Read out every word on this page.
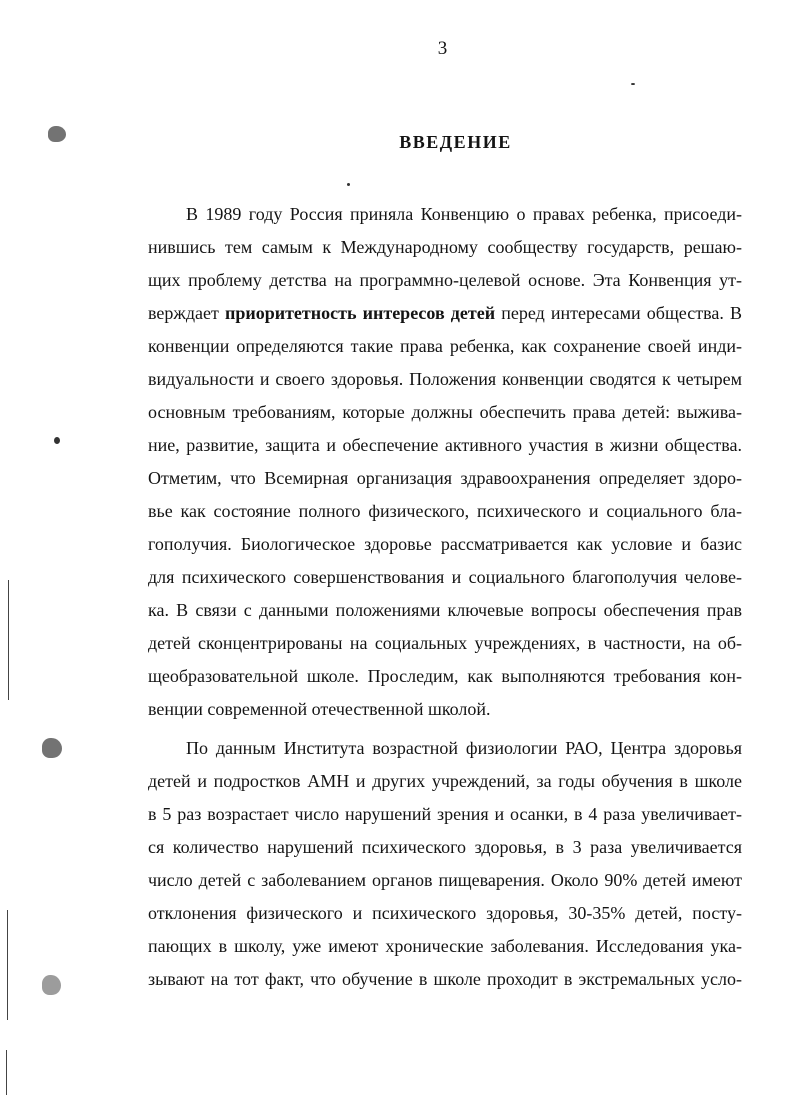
3
ВВЕДЕНИЕ
В 1989 году Россия приняла Конвенцию о правах ребенка, присоеди-
нившись тем самым к Международному сообществу государств, решаю-
щих проблему детства на программно-целевой основе. Эта Конвенция ут-
верждает приоритетность интересов детей перед интересами общества. В
конвенции определяются такие права ребенка, как сохранение своей инди-
видуальности и своего здоровья. Положения конвенции сводятся к четырем
основным требованиям, которые должны обеспечить права детей: выжива-
ние, развитие, защита и обеспечение активного участия в жизни общества.
Отметим, что Всемирная организация здравоохранения определяет здоро-
вье как состояние полного физического, психического и социального бла-
гополучия. Биологическое здоровье рассматривается как условие и базис
для психического совершенствования и социального благополучия челове-
ка. В связи с данными положениями ключевые вопросы обеспечения прав
детей сконцентрированы на социальных учреждениях, в частности, на об-
щеобразовательной школе. Проследим, как выполняются требования кон-
венции современной отечественной школой.
По данным Института возрастной физиологии РАО, Центра здоровья
детей и подростков АМН и других учреждений, за годы обучения в школе
в 5 раз возрастает число нарушений зрения и осанки, в 4 раза увеличивает-
ся количество нарушений психического здоровья, в 3 раза увеличивается
число детей с заболеванием органов пищеварения. Около 90% детей имеют
отклонения физического и психического здоровья, 30-35% детей, посту-
пающих в школу, уже имеют хронические заболевания. Исследования ука-
зывают на тот факт, что обучение в школе проходит в экстремальных усло-
